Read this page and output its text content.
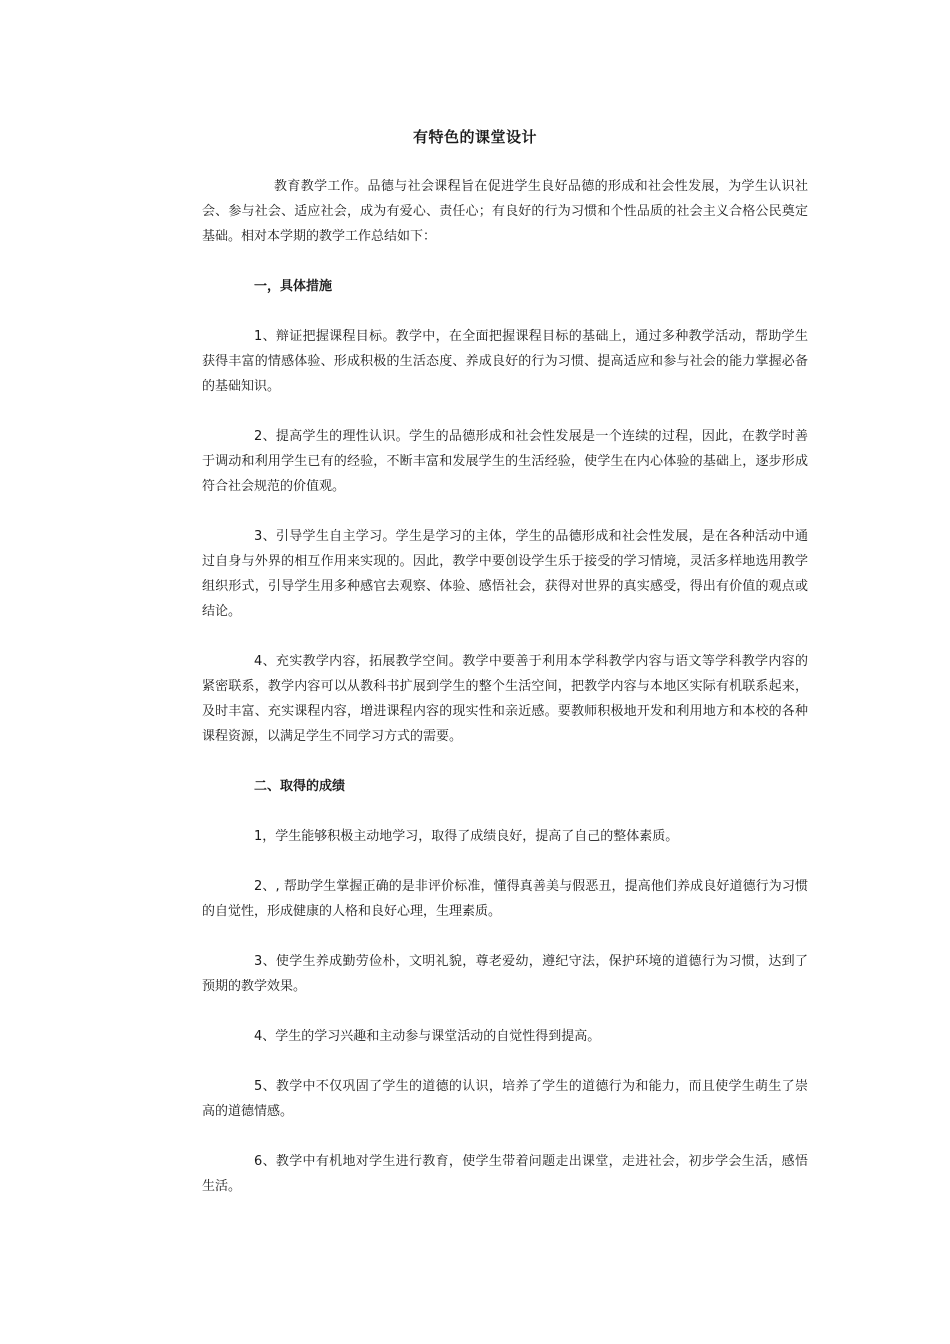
有特色的课堂设计

教育教学工作。品德与社会课程旨在促进学生良好品德的形成和社会性发展，为学生认识社会、参与社会、适应社会，成为有爱心、责任心；有良好的行为习惯和个性品质的社会主义合格公民奠定基础。相对本学期的教学工作总结如下：

一，具体措施

1、辩证把握课程目标。教学中，在全面把握课程目标的基础上，通过多种教学活动，帮助学生获得丰富的情感体验、形成积极的生活态度、养成良好的行为习惯、提高适应和参与社会的能力掌握必备的基础知识。

2、提高学生的理性认识。学生的品德形成和社会性发展是一个连续的过程，因此，在教学时善于调动和利用学生已有的经验，不断丰富和发展学生的生活经验，使学生在内心体验的基础上，逐步形成符合社会规范的价值观。

3、引导学生自主学习。学生是学习的主体，学生的品德形成和社会性发展，是在各种活动中通过自身与外界的相互作用来实现的。因此，教学中要创设学生乐于接受的学习情境，灵活多样地选用教学组织形式，引导学生用多种感官去观察、体验、感悟社会，获得对世界的真实感受，得出有价值的观点或结论。

4、充实教学内容，拓展教学空间。教学中要善于利用本学科教学内容与语文等学科教学内容的紧密联系，教学内容可以从教科书扩展到学生的整个生活空间，把教学内容与本地区实际有机联系起来，及时丰富、充实课程内容，增进课程内容的现实性和亲近感。要教师积极地开发和利用地方和本校的各种课程资源，以满足学生不同学习方式的需要。

二、取得的成绩

1，学生能够积极主动地学习，取得了成绩良好，提高了自己的整体素质。

2、, 帮助学生掌握正确的是非评价标准，懂得真善美与假恶丑，提高他们养成良好道德行为习惯的自觉性，形成健康的人格和良好心理，生理素质。

3、使学生养成勤劳俭朴，文明礼貌，尊老爱幼，遵纪守法，保护环境的道德行为习惯，达到了预期的教学效果。

4、学生的学习兴趣和主动参与课堂活动的自觉性得到提高。

5、教学中不仅巩固了学生的道德的认识，培养了学生的道德行为和能力，而且使学生萌生了崇高的道德情感。

6、教学中有机地对学生进行教育，使学生带着问题走出课堂，走进社会，初步学会生活，感悟生活。
